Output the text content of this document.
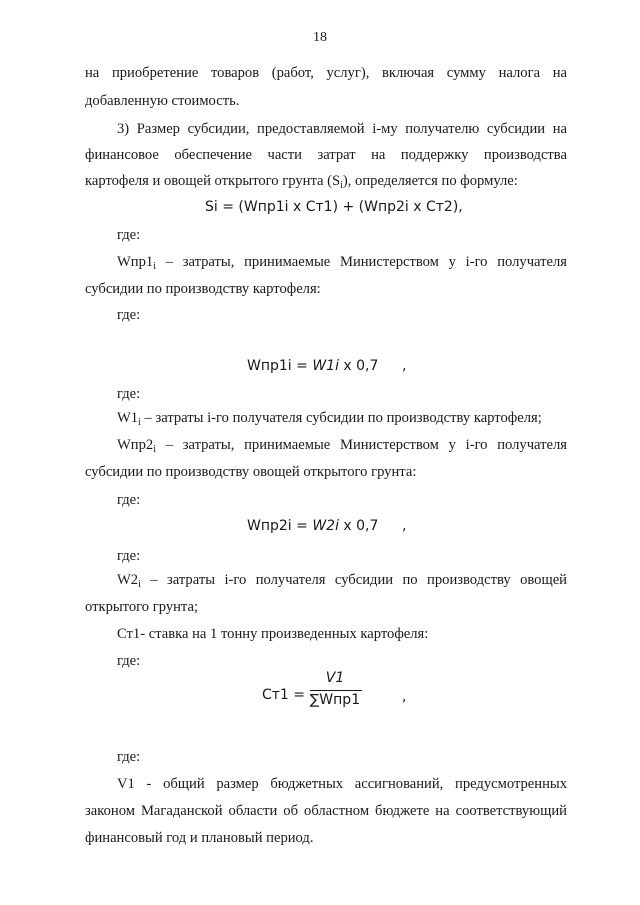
18
на приобретение товаров (работ, услуг), включая сумму налога на
добавленную стоимость.
3) Размер субсидии, предоставляемой i-му получателю субсидии на
финансовое обеспечение части затрат на поддержку производства
картофеля и овощей открытого грунта $(S_i)$, определяется по формуле:
Si = (Wпр1i x Ст1) + (Wпр2i x Ст2),
где:
$Wпр1_i$ – затраты, принимаемые Министерством у i-го получателя
субсидии по производству картофеля:
где:
Wпр1i = W1i x 0,7 ,
где:
$W1_i$ – затраты i-го получателя субсидии по производству картофеля;
$Wпр2_i$ – затраты, принимаемые Министерством у i-го получателя
субсидии по производству овощей открытого грунта:
где:
Wпр2i = W2i x 0,7 ,
где:
$W2_i$ – затраты i-го получателя субсидии по производству овощей
открытого грунта;
Ст1- ставка на 1 тонну произведенных картофеля:
где:
Ст1 =
V1
∑Wпр1	,
где:
V1 - общий размер бюджетных ассигнований, предусмотренных
законом Магаданской области об областном бюджете на соответствующий
финансовый год и плановый период.
